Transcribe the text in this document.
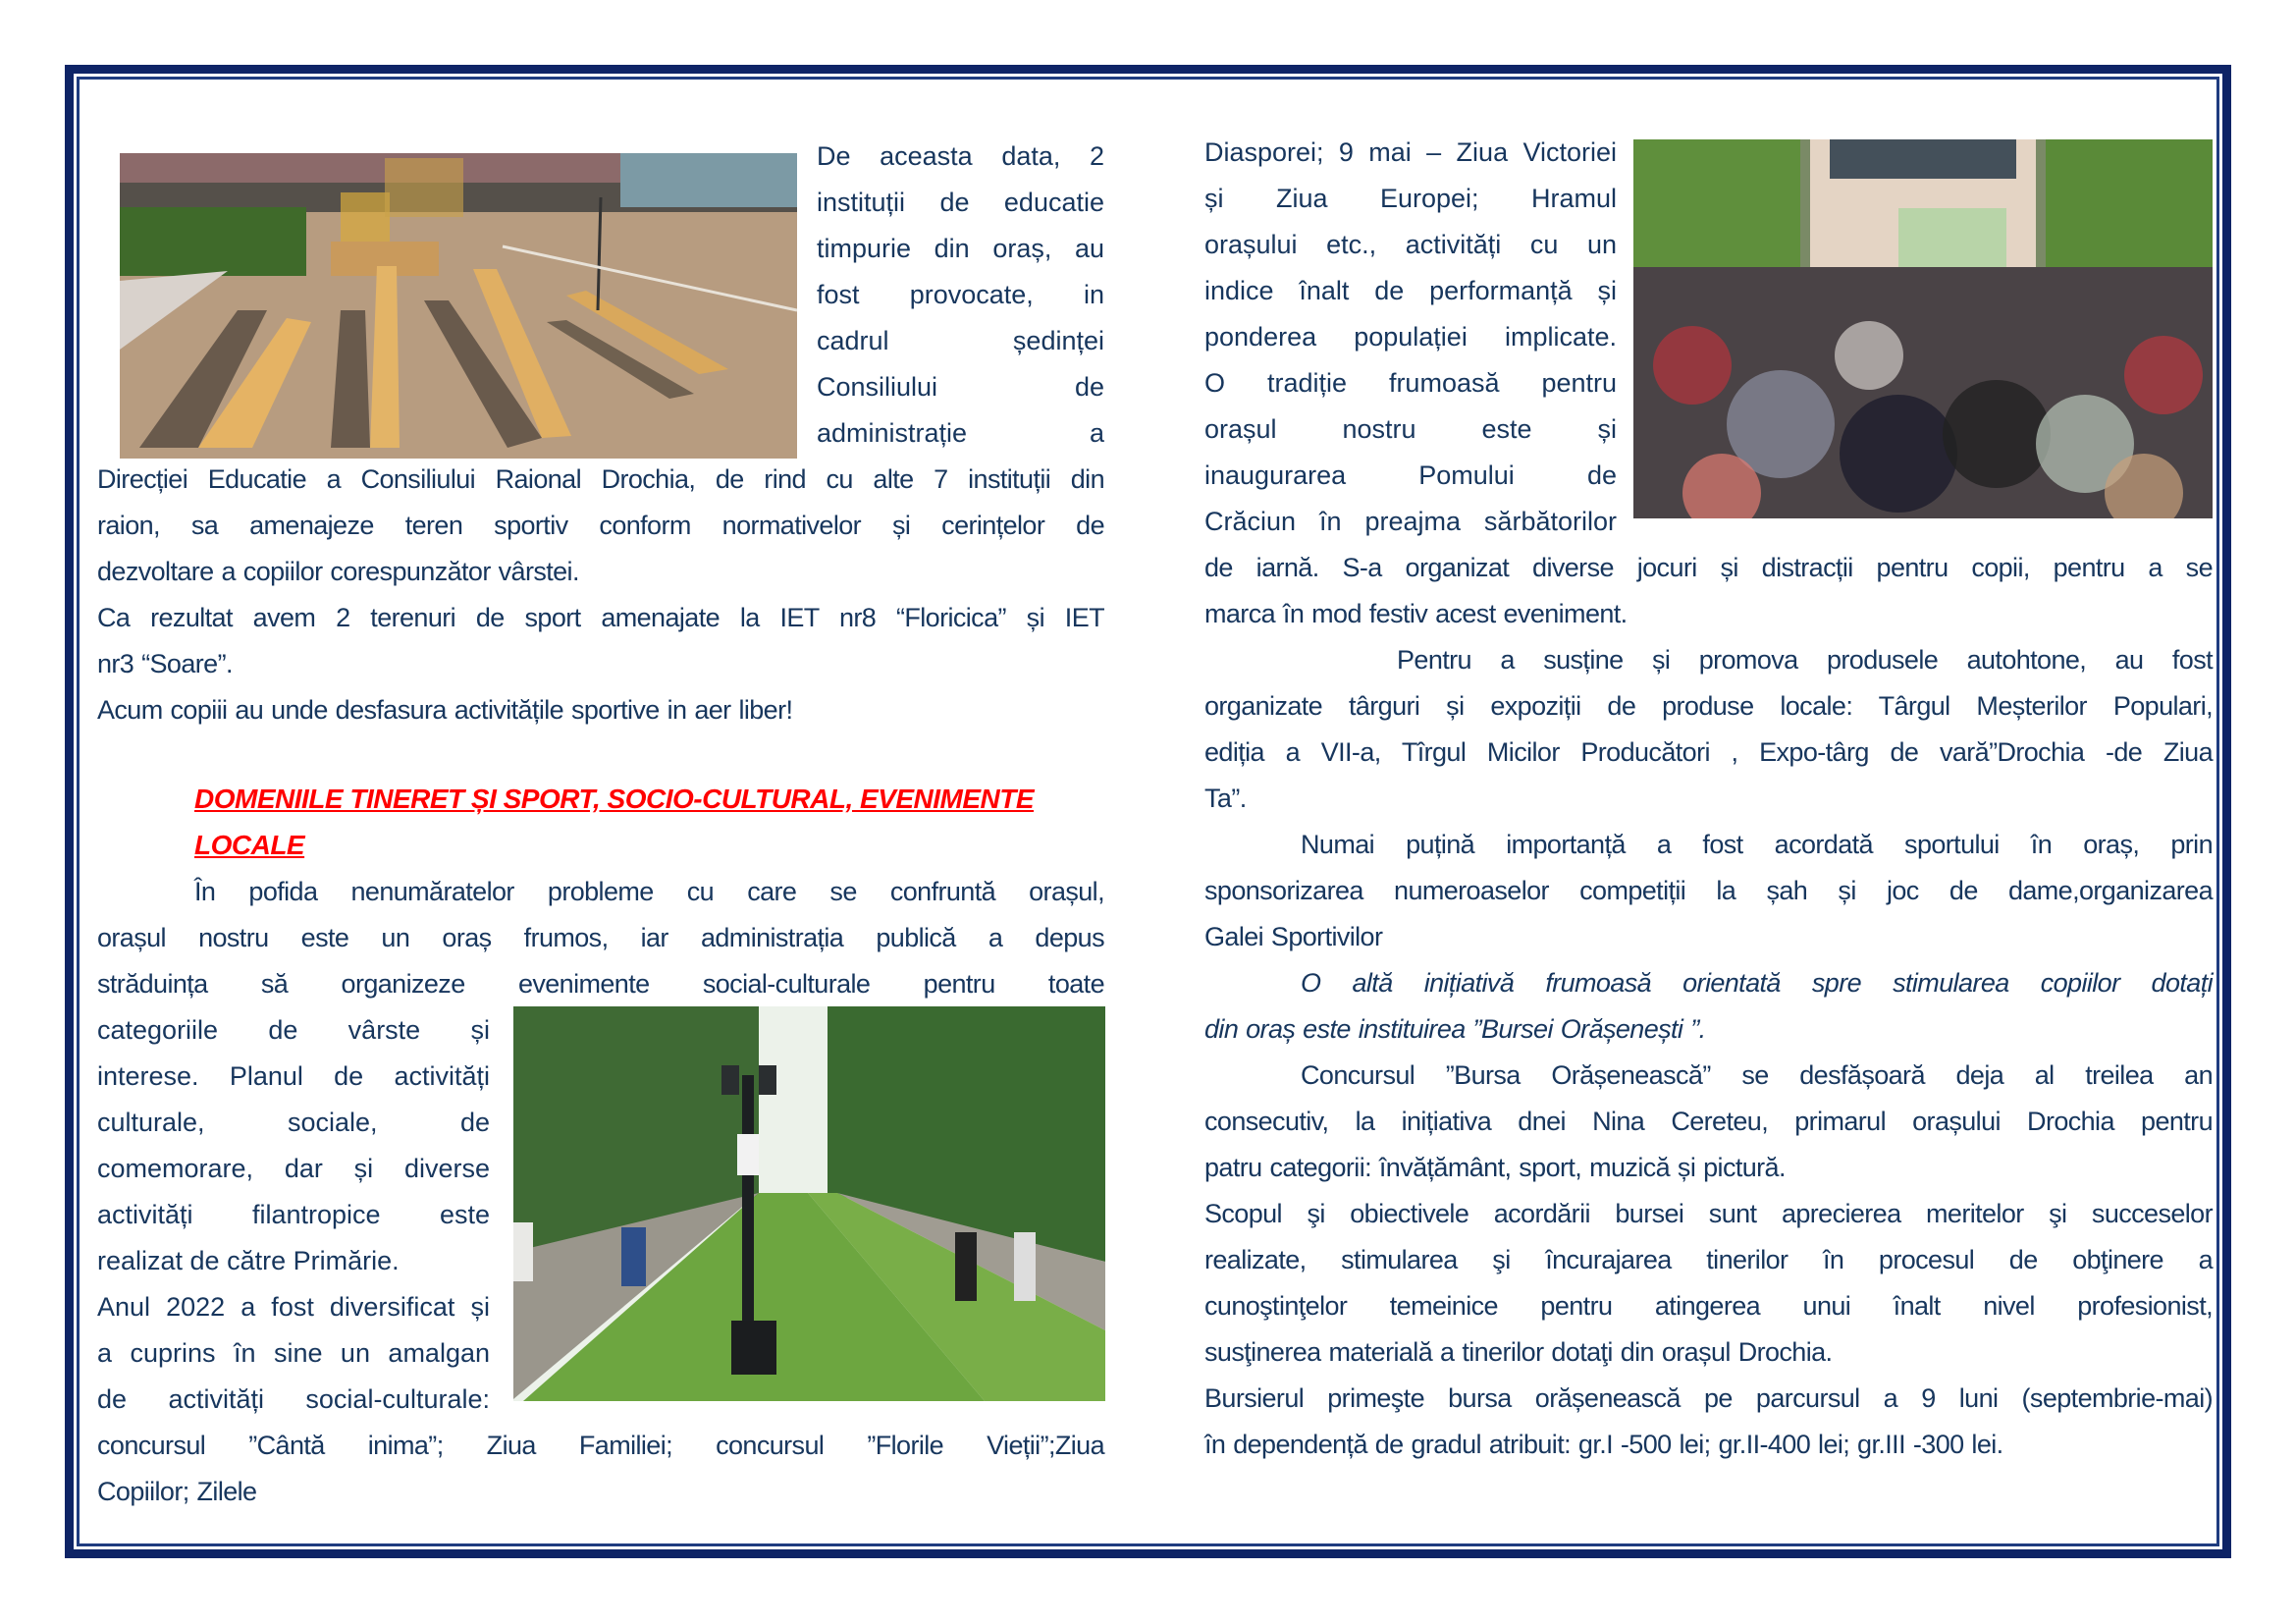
De aceasta data, 2
instituții de educatie
timpurie din oraș, au
fost provocate, in
cadrul ședinței
Consiliului de
administrație a
Direcției Educatie a Consiliului Raional Drochia, de rind cu alte 7 instituții din
raion, sa amenajeze teren sportiv conform normativelor și cerințelor de
dezvoltare a copiilor corespunzător vârstei.
Ca rezultat avem 2 terenuri de sport amenajate la IET nr8 “Floricica” și IET
nr3 “Soare”.
Acum copiii au unde desfasura activitățile sportive in aer liber!
DOMENIILE TINERET ȘI SPORT, SOCIO-CULTURAL, EVENIMENTE
LOCALE
În pofida nenumăratelor probleme cu care se confruntă orașul,
orașul nostru este un oraș frumos, iar administrația publică a depus
străduința să organizeze evenimente social-culturale pentru toate
categoriile de vârste și
interese. Planul de activități
culturale, sociale, de
comemorare, dar și diverse
activități filantropice este
realizat de către Primărie.
Anul 2022 a fost diversificat și
a cuprins în sine un amalgan
de activități social-culturale:
concursul ”Cântă inima”; Ziua Familiei; concursul ”Florile Vieții”;Ziua
Copiilor; Zilele
Diasporei; 9 mai – Ziua Victoriei
și Ziua Europei; Hramul
orașului etc., activități cu un
indice înalt de performanță și
ponderea populației implicate.
O tradiție frumoasă pentru
orașul nostru este și
inaugurarea Pomului de
Crăciun în preajma sărbătorilor
de iarnă. S-a organizat diverse jocuri și distracții pentru copii, pentru a se
marca în mod festiv acest eveniment.
Pentru a susține și promova produsele autohtone, au fost
organizate târguri și expoziții de produse locale: Târgul Meșterilor Populari,
ediția a VII-a, Tîrgul Micilor Producători , Expo-târg de vară”Drochia -de Ziua
Ta”.
Numai puțină importanță a fost acordată sportului în oraș, prin
sponsorizarea numeroaselor competiții la șah și joc de dame,organizarea
Galei Sportivilor
O altă inițiativă frumoasă orientată spre stimularea copiilor dotați
din oraș este instituirea ”Bursei Orășenești ”.
Concursul ”Bursa Orășenească” se desfășoară deja al treilea an
consecutiv, la inițiativa dnei Nina Cereteu, primarul orașului Drochia pentru
patru categorii: învățământ, sport, muzică și pictură.
Scopul şi obiectivele acordării bursei sunt aprecierea meritelor şi succeselor
realizate, stimularea şi încurajarea tinerilor în procesul de obţinere a
cunoştinţelor temeinice pentru atingerea unui înalt nivel profesionist,
susţinerea materială a tinerilor dotaţi din orașul Drochia.
Bursierul primeşte bursa orășenească pe parcursul a 9 luni (septembrie-mai)
în dependență de gradul atribuit: gr.I -500 lei; gr.II-400 lei; gr.III -300 lei.
